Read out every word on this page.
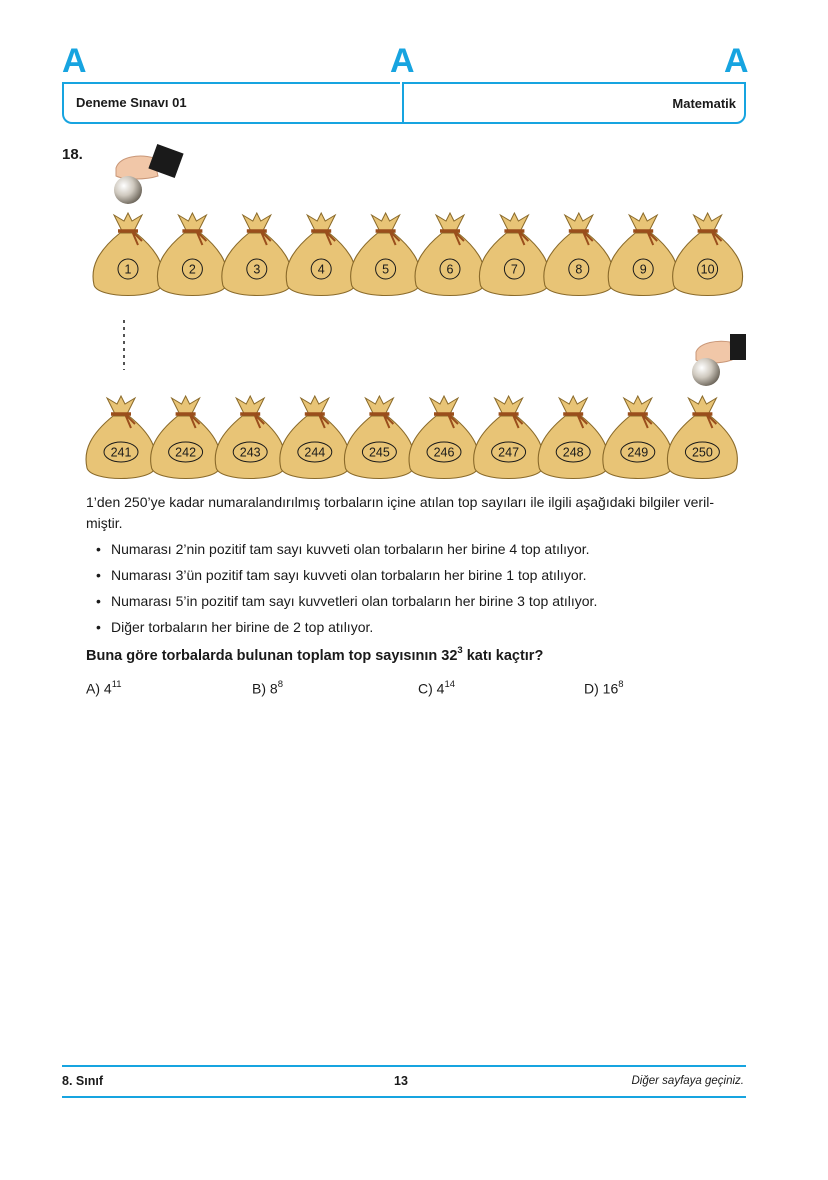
A	A	A
Deneme Sınavı 01	Matematik
18.
1	2	3	4	5	6	7	8	9	10
241	242	243	244	245	246	247	248	249	250
1’den 250’ye kadar numaralandırılmış torbaların içine atılan top sayıları ile ilgili aşağıdaki bilgiler veril-miştir.
• Numarası 2’nin pozitif tam sayı kuvveti olan torbaların her birine 4 top atılıyor.
• Numarası 3’ün pozitif tam sayı kuvveti olan torbaların her birine 1 top atılıyor.
• Numarası 5’in pozitif tam sayı kuvvetleri olan torbaların her birine 3 top atılıyor.
• Diğer torbaların her birine de 2 top atılıyor.
Buna göre torbalarda bulunan toplam top sayısının $32^3$ katı kaçtır?
A) $4^{11}$	B) $8^8$	C) $4^{14}$	D) $16^8$
8. Sınıf	13	Diğer sayfaya geçiniz.
